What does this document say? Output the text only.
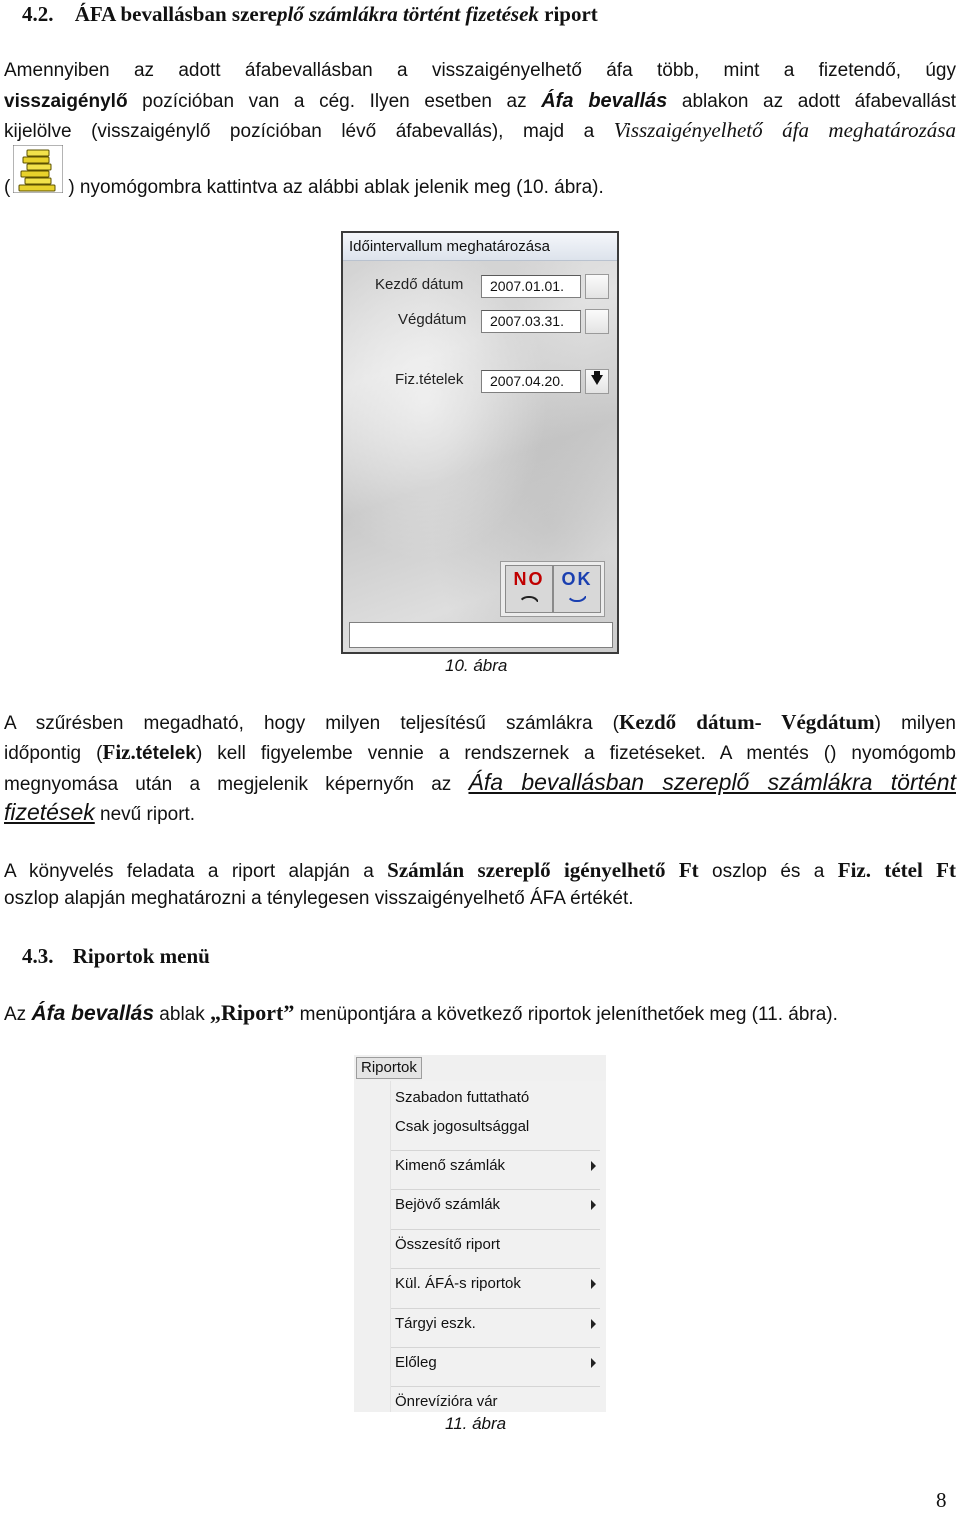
4.2. ÁFA bevallásban szereplő számlákra történt fizetések riport
Amennyiben az adott áfabevallásban a visszaigényelhető áfa több, mint a fizetendő, úgy
visszaigénylő pozícióban van a cég. Ilyen esetben az Áfa bevallás ablakon az adott áfabevallást
kijelölve (visszaigénylő pozícióban lévő áfabevallás), majd a Visszaigényelhető áfa meghatározása
(	) nyomógombra kattintva az alábbi ablak jelenik meg (10. ábra).
Időintervallum meghatározása
Kezdő dátum	2007.01.01.
Végdátum	2007.03.31.
Fiz.tételek	2007.04.20.
NO OK
10. ábra
A szűrésben megadható, hogy milyen teljesítésű számlákra (Kezdő dátum- Végdátum) milyen
időpontig (Fiz.tételek) kell figyelembe vennie a rendszernek a fizetéseket. A mentés () nyomógomb
megnyomása után a megjelenik képernyőn az Áfa bevallásban szereplő számlákra történt
fizetések nevű riport.
A könyvelés feladata a riport alapján a Számlán szereplő igényelhető Ft oszlop és a Fiz. tétel Ft
oszlop alapján meghatározni a ténylegesen visszaigényelhető ÁFA értékét.
4.3. Riportok menü
Az Áfa bevallás ablak „Riport” menüpontjára a következő riportok jeleníthetőek meg (11. ábra).
Riportok
Szabadon futtatható
Csak jogosultsággal
Kimenő számlák
Bejövő számlák
Összesítő riport
Kül. ÁFÁ-s riportok
Tárgyi eszk.
Előleg
Önrevízióra vár
11. ábra
8
